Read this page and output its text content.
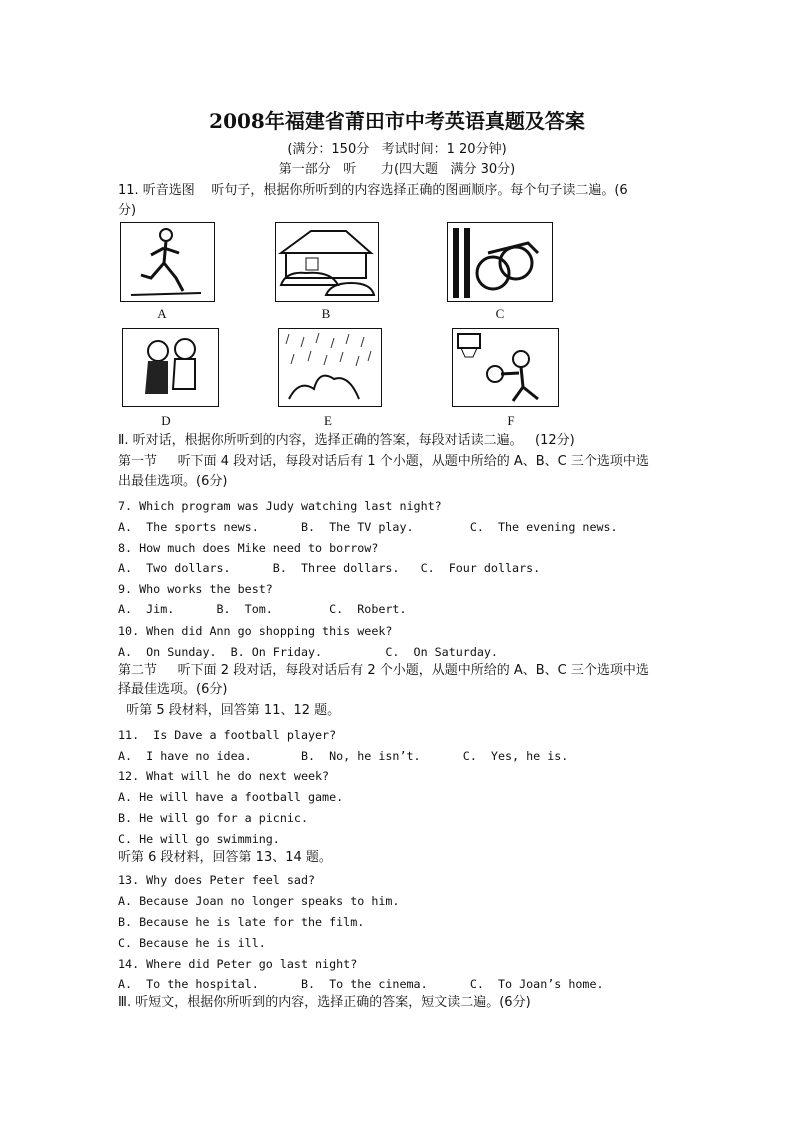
2008年福建省莆田市中考英语真题及答案
(满分：150分   考试时间：1 20分钟)
第一部分   听      力(四大题   满分 30分)
11. 听音选图    听句子，根据你所听到的内容选择正确的图画顺序。每个句子读二遍。(6
分)
A	B	C
D	E	F
Ⅱ. 听对话，根据你所听到的内容，选择正确的答案，每段对话读二遍。   (12分)
第一节     听下面 4 段对话，每段对话后有 1 个小题，从题中所给的 A、B、C 三个选项中选
出最佳选项。(6分)
7. Which program was Judy watching last night?
A.  The sports news.      B.  The TV play.        C.  The evening news.
8. How much does Mike need to borrow?
A.  Two dollars.      B.  Three dollars.   C.  Four dollars.
9. Who works the best?
A.  Jim.      B.  Tom.        C.  Robert.
10. When did Ann go shopping this week?
A.  On Sunday.  B. On Friday.         C.  On Saturday.
第二节     听下面 2 段对话，每段对话后有 2 个小题，从题中所给的 A、B、C 三个选项中选
择最佳选项。(6分)
听第 5 段材料，回答第 11、12 题。
11.  Is Dave a football player?
A.  I have no idea.       B.  No, he isn’t.      C.  Yes, he is.
12. What will he do next week?
A. He will have a football game.
B. He will go for a picnic.
C. He will go swimming.
听第 6 段材料，回答第 13、14 题。
13. Why does Peter feel sad?
A. Because Joan no longer speaks to him.
B. Because he is late for the film.
C. Because he is ill.
14. Where did Peter go last night?
A.  To the hospital.      B.  To the cinema.      C.  To Joan’s home.
Ⅲ. 听短文，根据你所听到的内容，选择正确的答案，短文读二遍。(6分)
